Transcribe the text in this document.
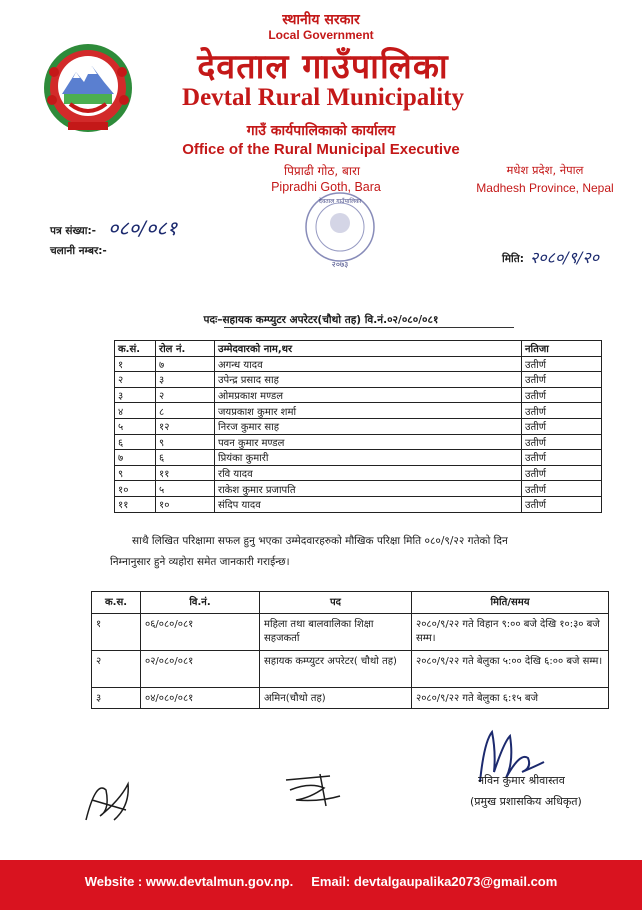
स्थानीय सरकार
Local Government
देवताल गाउँपालिका
Devtal Rural Municipality
गाउँ कार्यपालिकाको कार्यालय
Office of the Rural Municipal Executive
पिप्राढी गोठ, बारा
Pipradhi Goth, Bara
मधेश प्रदेश, नेपाल
Madhesh Province, Nepal
देवताल गाउँपालिका
२०७३
पत्र संख्या:- ०८०/०८१
चलानी नम्बर:-
मिति: २०८०/९/२०
पदः–सहायक कम्प्युटर अपरेटर(चौथो तह) वि.नं.०२/०८०/०८१
क.सं.	रोल नं.	उम्मेदवारको नाम,थर	नतिजा
१	७	अगन्ध यादव	उतीर्ण
२	३	उपेन्द्र प्रसाद साह	उतीर्ण
३	२	ओमप्रकाश मण्डल	उतीर्ण
४	८	जयप्रकाश कुमार शर्मा	उतीर्ण
५	१२	निरज कुमार साह	उतीर्ण
६	९	पवन कुमार मण्डल	उतीर्ण
७	६	प्रियंका कुमारी	उतीर्ण
९	११	रवि यादव	उतीर्ण
१०	५	राकेश कुमार प्रजापति	उतीर्ण
११	१०	संदिप यादव	उतीर्ण
साथै लिखित परिक्षामा सफल हुनु भएका उम्मेदवारहरुको मौखिक परिक्षा मिति ०८०/९/२२ गतेको दिन
निम्नानुसार हुने व्यहोरा समेत जानकारी गराईन्छ।
क.स.	वि.नं.	पद	मिति/समय
१	०६/०८०/०८१	महिला तथा बालवालिका शिक्षा सहजकर्ता	२०८०/९/२२ गते विहान ९:०० बजे देखि १०:३० बजे सम्म।
२	०२/०८०/०८१	सहायक कम्प्युटर अपरेटर( चौथो तह)	२०८०/९/२२ गते बेलुका ५:०० देखि ६:०० बजे सम्म।
३	०४/०८०/०८१	अमिन(चौथो तह)	२०८०/९/२२ गते बेलुका ६:१५ बजे
नविन कुमार श्रीवास्तव
(प्रमुख प्रशासकिय अधिकृत)
Website : www.devtalmun.gov.np.     Email: devtalgaupalika2073@gmail.com
